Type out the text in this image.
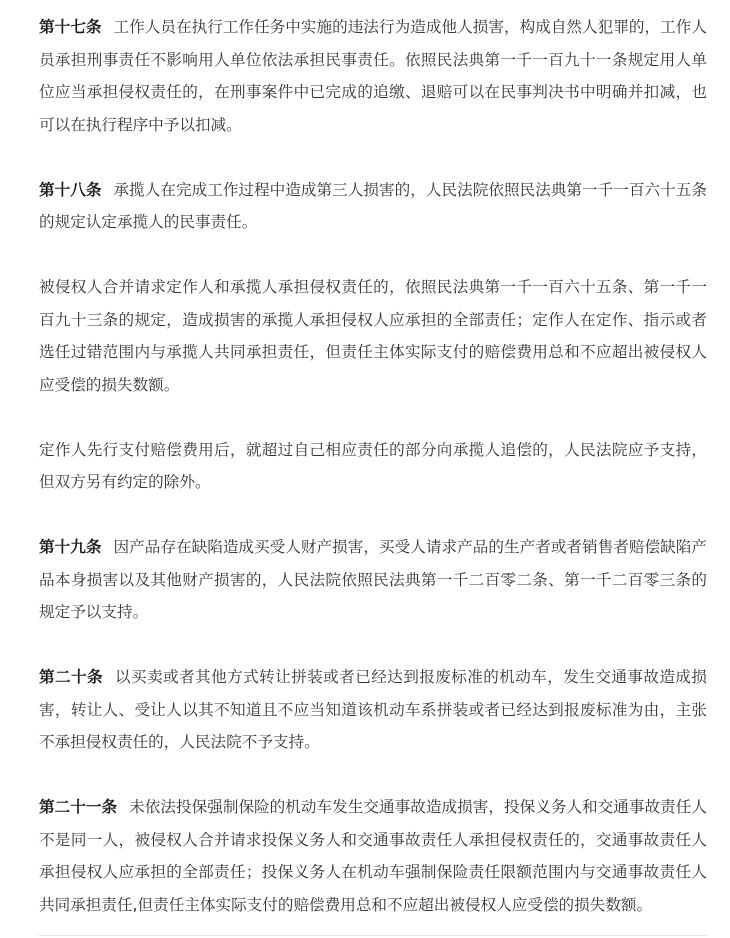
第十七条 工作人员在执行工作任务中实施的违法行为造成他人损害，构成自然人犯罪的，工作人员承担刑事责任不影响用人单位依法承担民事责任。依照民法典第一千一百九十一条规定用人单位应当承担侵权责任的，在刑事案件中已完成的追缴、退赔可以在民事判决书中明确并扣减，也可以在执行程序中予以扣减。

第十八条 承揽人在完成工作过程中造成第三人损害的，人民法院依照民法典第一千一百六十五条的规定认定承揽人的民事责任。

被侵权人合并请求定作人和承揽人承担侵权责任的，依照民法典第一千一百六十五条、第一千一百九十三条的规定，造成损害的承揽人承担侵权人应承担的全部责任；定作人在定作、指示或者选任过错范围内与承揽人共同承担责任，但责任主体实际支付的赔偿费用总和不应超出被侵权人应受偿的损失数额。

定作人先行支付赔偿费用后，就超过自己相应责任的部分向承揽人追偿的，人民法院应予支持，但双方另有约定的除外。

第十九条 因产品存在缺陷造成买受人财产损害，买受人请求产品的生产者或者销售者赔偿缺陷产品本身损害以及其他财产损害的，人民法院依照民法典第一千二百零二条、第一千二百零三条的规定予以支持。

第二十条 以买卖或者其他方式转让拼装或者已经达到报废标准的机动车，发生交通事故造成损害，转让人、受让人以其不知道且不应当知道该机动车系拼装或者已经达到报废标准为由，主张不承担侵权责任的，人民法院不予支持。

第二十一条 未依法投保强制保险的机动车发生交通事故造成损害，投保义务人和交通事故责任人不是同一人，被侵权人合并请求投保义务人和交通事故责任人承担侵权责任的，交通事故责任人承担侵权人应承担的全部责任；投保义务人在机动车强制保险责任限额范围内与交通事故责任人共同承担责任,但责任主体实际支付的赔偿费用总和不应超出被侵权人应受偿的损失数额。
